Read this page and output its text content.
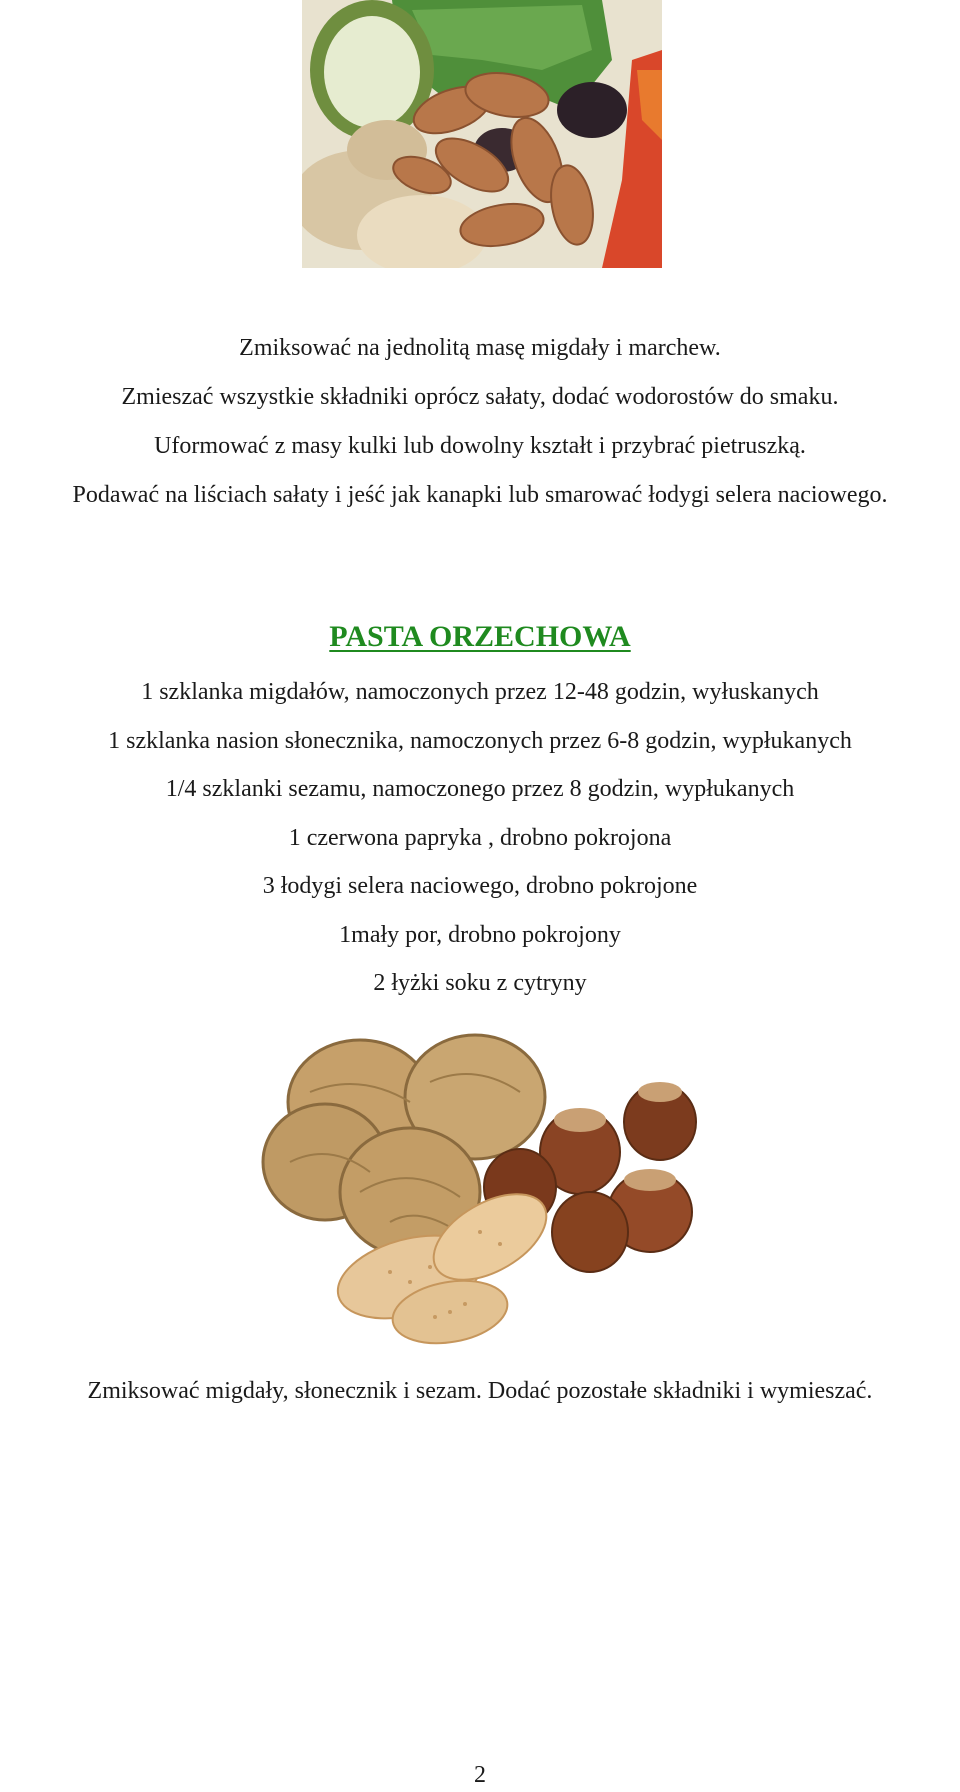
Zmiksować na jednolitą masę migdały i marchew.
Zmieszać wszystkie składniki oprócz sałaty, dodać wodorostów do smaku.
Uformować z masy kulki lub dowolny kształt i przybrać pietruszką.
Podawać na liściach sałaty i jeść jak kanapki lub smarować łodygi selera naciowego.
PASTA ORZECHOWA
1 szklanka migdałów, namoczonych przez 12-48 godzin, wyłuskanych
1 szklanka nasion słonecznika, namoczonych przez 6-8 godzin, wypłukanych
1/4 szklanki sezamu, namoczonego przez 8 godzin, wypłukanych
1 czerwona papryka , drobno pokrojona
3 łodygi selera naciowego, drobno pokrojone
1mały por, drobno pokrojony
2 łyżki soku z cytryny
Zmiksować migdały, słonecznik i sezam. Dodać pozostałe składniki i wymieszać.
2
